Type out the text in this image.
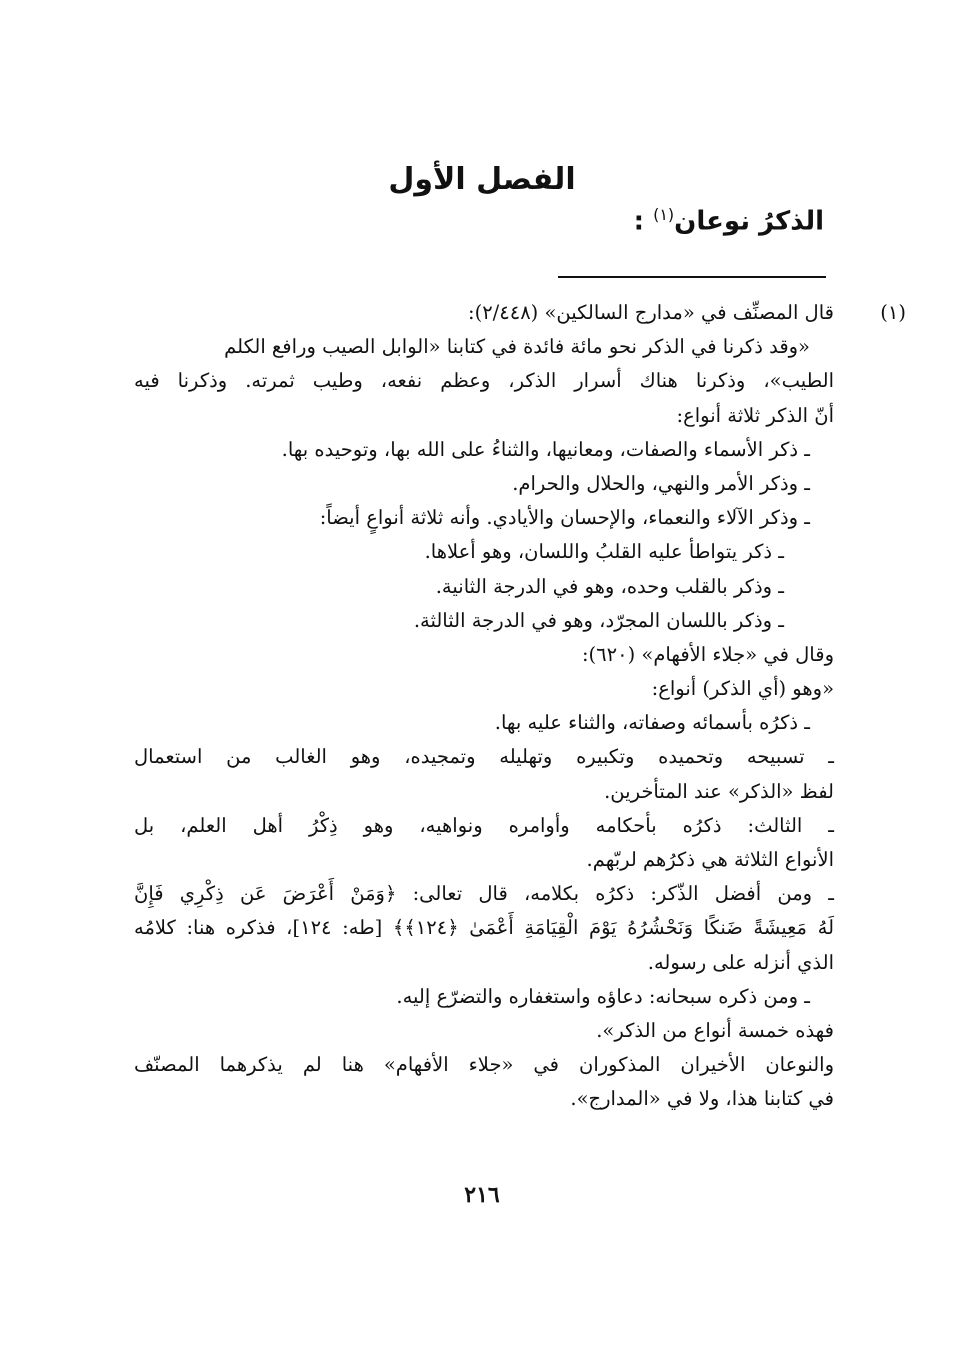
الفصل الأول
الذكرُ نوعان$^{(١)}$ :
(١)
قال المصنِّف في «مدارج السالكين» (٢/٤٤٨):
«وقد ذكرنا في الذكر نحو مائة فائدة في كتابنا «الوابل الصيب ورافع الكلم
الطيب»، وذكرنا هناك أسرار الذكر، وعظم نفعه، وطيب ثمرته. وذكرنا فيه
أنّ الذكر ثلاثة أنواع:
ـ ذكر الأسماء والصفات، ومعانيها، والثناءُ على الله بها، وتوحيده بها.
ـ وذكر الأمر والنهي، والحلال والحرام.
ـ وذكر الآلاء والنعماء، والإحسان والأيادي. وأنه ثلاثة أنواعٍ أيضاً:
ـ ذكر يتواطأ عليه القلبُ واللسان، وهو أعلاها.
ـ وذكر بالقلب وحده، وهو في الدرجة الثانية.
ـ وذكر باللسان المجرّد، وهو في الدرجة الثالثة.
وقال في «جلاء الأفهام» (٦٢٠):
«وهو (أي الذكر) أنواع:
ـ ذكرُه بأسمائه وصفاته، والثناء عليه بها.
ـ تسبيحه وتحميده وتكبيره وتهليله وتمجيده، وهو الغالب من استعمال
لفظ «الذكر» عند المتأخرين.
ـ الثالث: ذكرُه بأحكامه وأوامره ونواهيه، وهو ذِكْرُ أهل العلم، بل
الأنواع الثلاثة هي ذكرُهم لربّهم.
ـ ومن أفضل الذّكر: ذكرُه بكلامه، قال تعالى: ﴿وَمَنْ أَعْرَضَ عَن ذِكْرِي فَإِنَّ
لَهُ مَعِيشَةً ضَنكًا وَنَحْشُرُهُ يَوْمَ الْقِيَامَةِ أَعْمَىٰ ﴿١٢٤﴾﴾ [طه: ١٢٤]، فذكره هنا: كلامُه
الذي أنزله على رسوله.
ـ ومن ذكره سبحانه: دعاؤه واستغفاره والتضرّع إليه.
فهذه خمسة أنواع من الذكر».
والنوعان الأخيران المذكوران في «جلاء الأفهام» هنا لم يذكرهما المصنّف
في كتابنا هذا، ولا في «المدارج».
٢١٦
